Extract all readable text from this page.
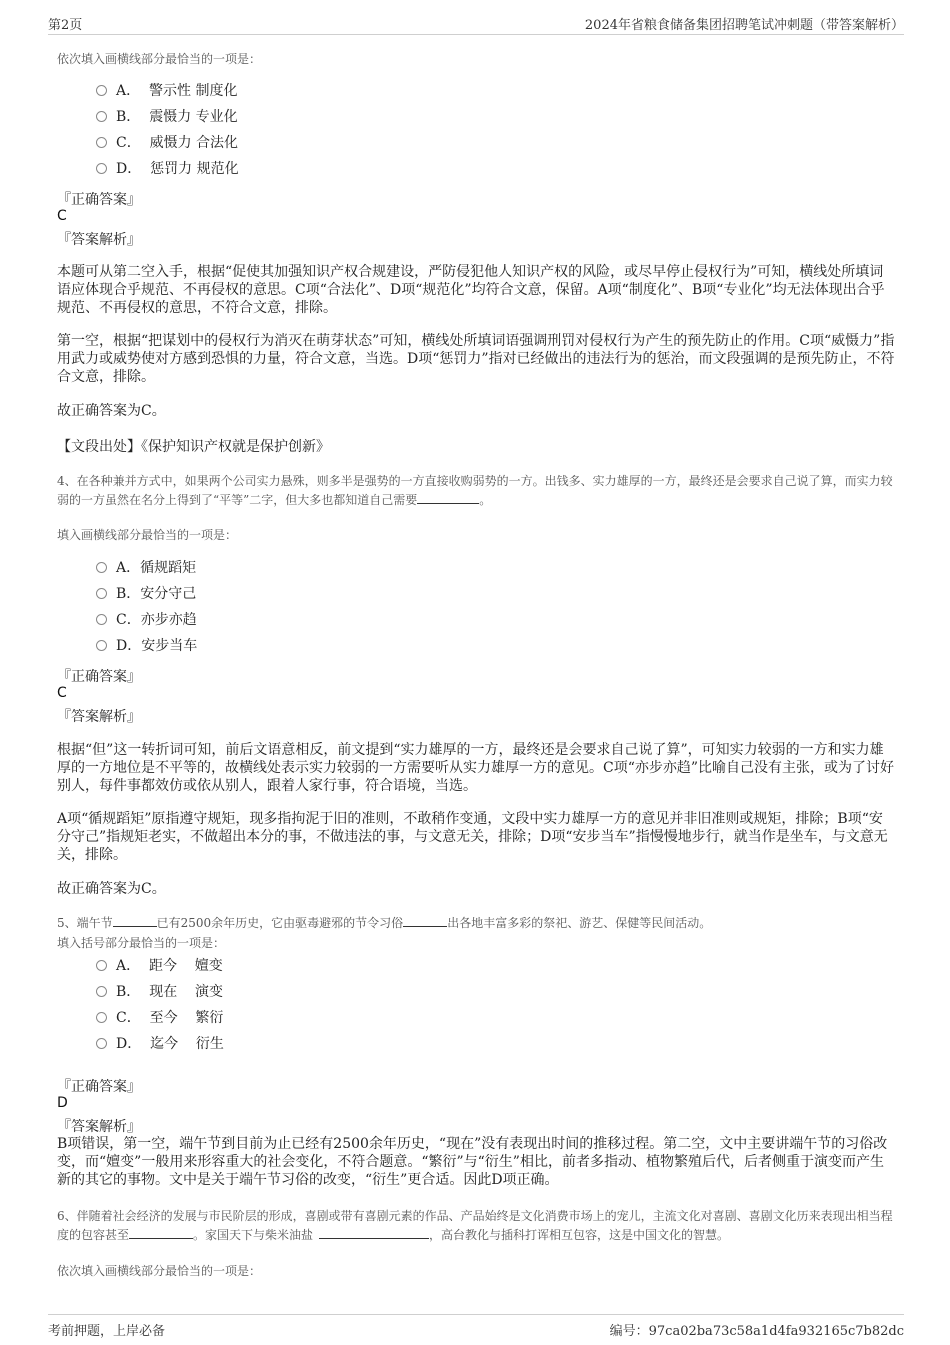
第2页	2024年省粮食储备集团招聘笔试冲刺题（带答案解析）
依次填入画横线部分最恰当的一项是：
A．  警示性 制度化
B．  震慑力 专业化
C．  威慑力 合法化
D．  惩罚力 规范化
『正确答案』
C
『答案解析』
本题可从第二空入手，根据“促使其加强知识产权合规建设，严防侵犯他人知识产权的风险，或尽早停止侵权行为”可知，横线处所填词语应体现合乎规范、不再侵权的意思。C项“合法化”、D项“规范化”均符合文意，保留。A项“制度化”、B项“专业化”均无法体现出合乎规范、不再侵权的意思，不符合文意，排除。
第一空，根据“把谋划中的侵权行为消灭在萌芽状态”可知，横线处所填词语强调刑罚对侵权行为产生的预先防止的作用。C项“威慑力”指用武力或威势使对方感到恐惧的力量，符合文意，当选。D项“惩罚力”指对已经做出的违法行为的惩治，而文段强调的是预先防止，不符合文意，排除。
故正确答案为C。
【文段出处】《保护知识产权就是保护创新》
4、在各种兼并方式中，如果两个公司实力悬殊，则多半是强势的一方直接收购弱势的一方。出钱多、实力雄厚的一方，最终还是会要求自己说了算，而实力较弱的一方虽然在名分上得到了“平等”二字，但大多也都知道自己需要	。
填入画横线部分最恰当的一项是：
A．循规蹈矩
B．安分守己
C．亦步亦趋
D．安步当车
『正确答案』
C
『答案解析』
根据“但”这一转折词可知，前后文语意相反，前文提到“实力雄厚的一方，最终还是会要求自己说了算”，可知实力较弱的一方和实力雄厚的一方地位是不平等的，故横线处表示实力较弱的一方需要听从实力雄厚一方的意见。C项“亦步亦趋”比喻自己没有主张，或为了讨好别人，每件事都效仿或依从别人，跟着人家行事，符合语境，当选。
A项“循规蹈矩”原指遵守规矩，现多指拘泥于旧的准则，不敢稍作变通，文段中实力雄厚一方的意见并非旧准则或规矩，排除；B项“安分守己”指规矩老实，不做超出本分的事，不做违法的事，与文意无关，排除；D项“安步当车”指慢慢地步行，就当作是坐车，与文意无关，排除。
故正确答案为C。
5、端午节	已有2500余年历史，它由驱毒避邪的节令习俗	出各地丰富多彩的祭祀、游艺、保健等民间活动。
填入括号部分最恰当的一项是：
A．  距今    嬗变
B．  现在    演变
C．  至今    繁衍
D．  迄今    衍生
『正确答案』
D
『答案解析』
B项错误，第一空，端午节到目前为止已经有2500余年历史，“现在”没有表现出时间的推移过程。第二空，文中主要讲端午节的习俗改变，而“嬗变”一般用来形容重大的社会变化，不符合题意。“繁衍”与“衍生”相比，前者多指动、植物繁殖后代，后者侧重于演变而产生新的其它的事物。文中是关于端午节习俗的改变，“衍生”更合适。因此D项正确。
6、伴随着社会经济的发展与市民阶层的形成，喜剧或带有喜剧元素的作品、产品始终是文化消费市场上的宠儿，主流文化对喜剧、喜剧文化历来表现出相当程度的包容甚至	。家国天下与柴米油盐	，高台教化与插科打诨相互包容，这是中国文化的智慧。
依次填入画横线部分最恰当的一项是：
考前押题，上岸必备	编号：97ca02ba73c58a1d4fa932165c7b82dc
